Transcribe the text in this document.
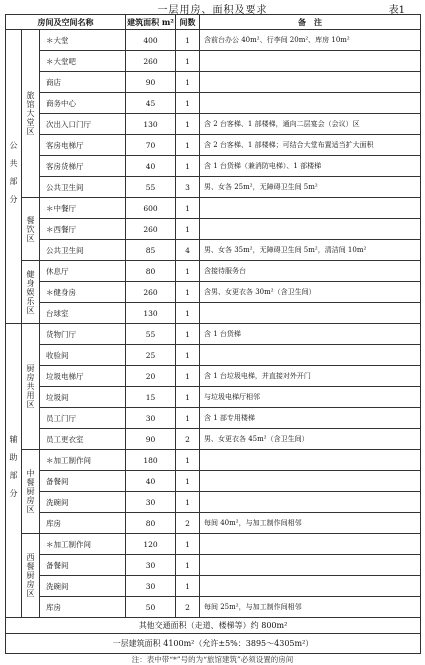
一层用房、面积及要求	表1
房间及空间名称			建筑面积 m²	间数	备　注

公共部分	旅馆大堂区	＊大堂	400	1	含前台办公 40m²、行李间 20m²、库房 10m²
		＊大堂吧	260	1	
		商店	90	1	
		商务中心	45	1	
		次出入口门厅	130	1	含 2 台客梯、1 部楼梯，通向二层宴会（会议）区
		客房电梯厅	70	1	含 2 台客梯、1 部楼梯；可结合大堂布置适当扩大面积
		客房货梯厅	40	1	含 1 台货梯（兼消防电梯）、1 部楼梯
		公共卫生间	55	3	男、女各 25m²，无障碍卫生间 5m²

	餐饮区	＊中餐厅	600	1	
		＊西餐厅	260	1	
		公共卫生间	85	4	男、女各 35m²，无障碍卫生间 5m²，清洁间 10m²

	健身娱乐区	休息厅	80	1	含接待服务台
		＊健身房	260	1	含男、女更衣各 30m²（含卫生间）
		台球室	130	1	

辅助部分	厨房共用区	货物门厅	55	1	含 1 台货梯
		收验间	25	1	
		垃圾电梯厅	20	1	含 1 台垃圾电梯，并直接对外开门
		垃圾间	15	1	与垃圾电梯厅相邻
		员工门厅	30	1	含 1 部专用楼梯
		员工更衣室	90	2	男、女更衣各 45m²（含卫生间）

	中餐厨房区	＊加工制作间	180	1	
		备餐间	40	1	
		洗碗间	30	1	
		库房	80	2	每间 40m²，与加工制作间相邻

	西餐厨房区	＊加工制作间	120	1	
		备餐间	30	1	
		洗碗间	30	1	
		库房	50	2	每间 25m²，与加工制作间相邻
其他交通面积（走道、楼梯等）约 800m²					
一层建筑面积 4100m²（允许±5%：3895～4305m²）					
注：表中带“*”号的为“旅馆建筑”必须设置的房间
